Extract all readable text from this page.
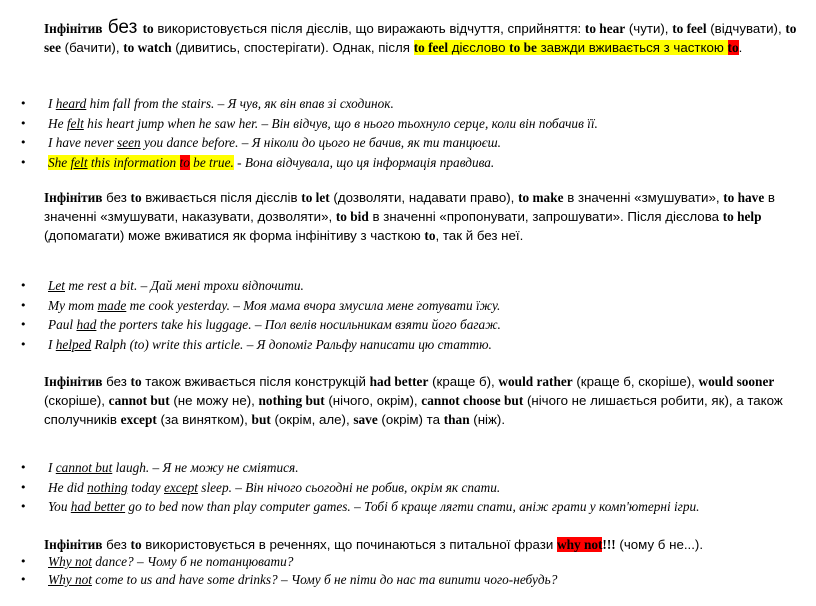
Інфінітив без to використовується після дієслів, що виражають відчуття, сприйняття: to hear (чути), to feel (відчувати), to see (бачити), to watch (дивитись, спостерігати). Однак, після to feel дієслово to be завжди вживається з часткою to.

• I heard him fall from the stairs. – Я чув, як він впав зі сходинок.
• He felt his heart jump when he saw her. – Він відчув, що в нього тьохнуло серце, коли він побачив її.
• I have never seen you dance before. – Я ніколи до цього не бачив, як ти танцюєш.
• She felt this information to be true. - Вона відчувала, що ця інформація правдива.

Інфінітив без to вживається після дієслів to let (дозволяти, надавати право), to make в значенні «змушувати», to have в значенні «змушувати, наказувати, дозволяти», to bid в значенні «пропонувати, запрошувати». Після дієслова to help (допомагати) може вживатися як форма інфінітиву з часткою to, так й без неї.

• Let me rest a bit. – Дай мені трохи відпочити.
• My mom made me cook yesterday. – Моя мама вчора змусила мене готувати їжу.
• Paul had the porters take his luggage. – Пол велів носильникам взяти його багаж.
• I helped Ralph (to) write this article. – Я допоміг Ральфу написати цю статтю.

Інфінітив без to також вживається після конструкцій had better (краще б), would rather (краще б, скоріше), would sooner (скоріше), cannot but (не можу не), nothing but (нічого, окрім), cannot choose but (нічого не лишається робити, як), а також сполучників except (за винятком), but (окрім, але), save (окрім) та than (ніж).

• I cannot but laugh. – Я не можу не сміятися.
• He did nothing today except sleep. – Він нічого сьогодні не робив, окрім як спати.
• You had better go to bed now than play computer games. – Тобі б краще лягти спати, аніж грати у комп'ютерні ігри.

Інфінітив без to використовується в реченнях, що починаються з питальної фрази why not!!! (чому б не...).

• Why not dance? – Чому б не потанцювати?
• Why not come to us and have some drinks? – Чому б не піти до нас та випити чого-небудь?
